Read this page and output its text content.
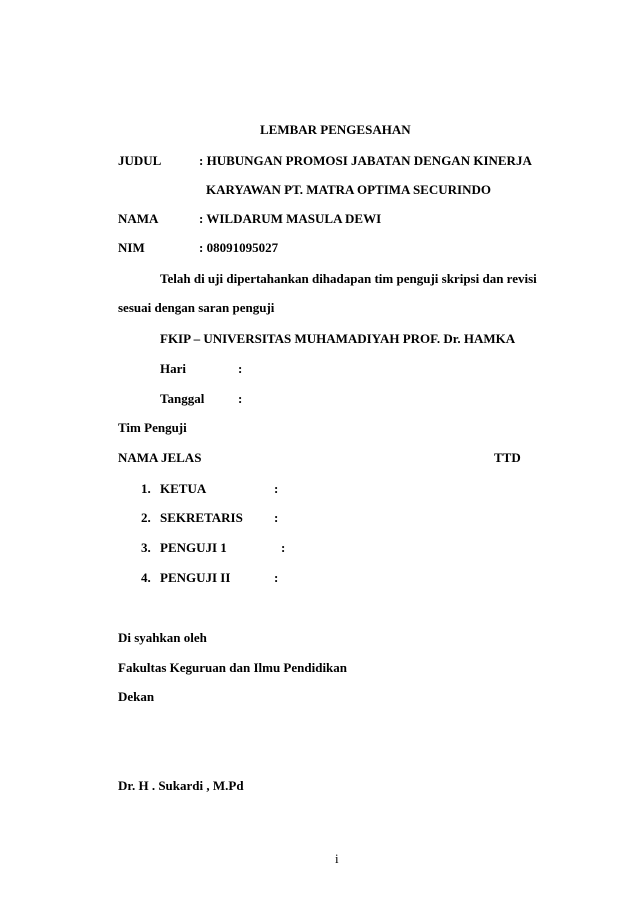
LEMBAR PENGESAHAN
JUDUL	: HUBUNGAN PROMOSI JABATAN DENGAN KINERJA
KARYAWAN PT. MATRA OPTIMA SECURINDO
NAMA	: WILDARUM MASULA DEWI
NIM	: 08091095027
Telah di uji dipertahankan dihadapan tim penguji skripsi dan revisi
sesuai dengan saran penguji
FKIP – UNIVERSITAS MUHAMADIYAH PROF. Dr. HAMKA
Hari	:
Tanggal	:
Tim Penguji
NAMA JELAS	TTD
1. KETUA	:
2. SEKRETARIS :
3. PENGUJI 1	:
4. PENGUJI II	:
Di syahkan oleh
Fakultas Keguruan dan Ilmu Pendidikan
Dekan
Dr. H . Sukardi , M.Pd
i
